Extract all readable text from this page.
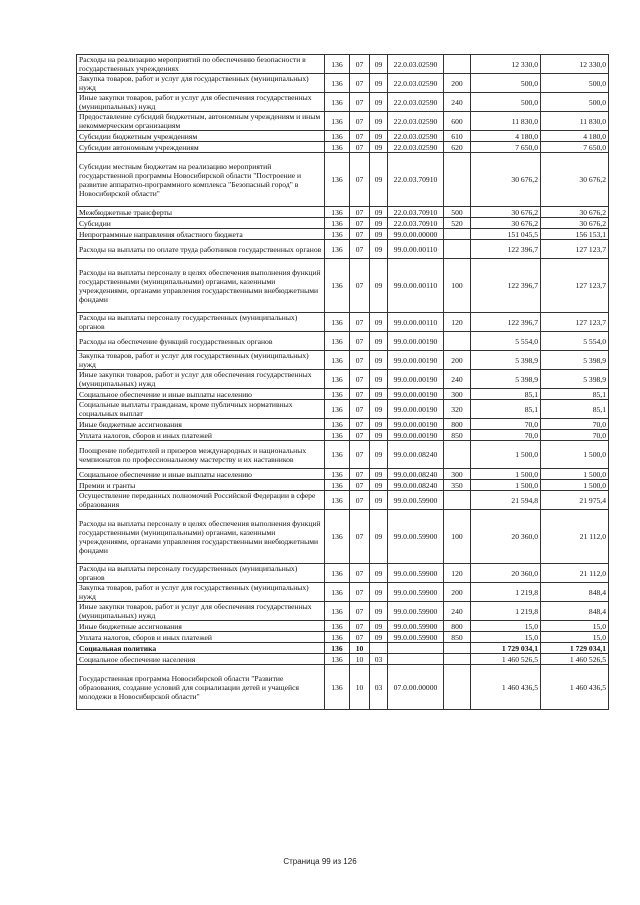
Расходы на реализацию мероприятий по обеспечению безопасности в государственных учреждениях	136	07	09	22.0.03.02590		12 330,0	12 330,0
Закупка товаров, работ и услуг для государственных (муниципальных) нужд	136	07	09	22.0.03.02590	200	500,0	500,0
Иные закупки товаров, работ и услуг для обеспечения государственных (муниципальных) нужд	136	07	09	22.0.03.02590	240	500,0	500,0
Предоставление субсидий бюджетным, автономным учреждениям и иным некоммерческим организациям	136	07	09	22.0.03.02590	600	11 830,0	11 830,0
Субсидии бюджетным учреждениям	136	07	09	22.0.03.02590	610	4 180,0	4 180,0
Субсидии автономным учреждениям	136	07	09	22.0.03.02590	620	7 650,0	7 650,0
Субсидии местным бюджетам на реализацию мероприятий государственной программы Новосибирской области "Построение и развитие аппаратно-программного комплекса "Безопасный город" в Новосибирской области"	136	07	09	22.0.03.70910		30 676,2	30 676,2
Межбюджетные трансферты	136	07	09	22.0.03.70910	500	30 676,2	30 676,2
Субсидии	136	07	09	22.0.03.70910	520	30 676,2	30 676,2
Непрограммные направления областного бюджета	136	07	09	99.0.00.00000		151 045,5	156 153,1
Расходы на выплаты по оплате труда работников государственных органов	136	07	09	99.0.00.00110		122 396,7	127 123,7
Расходы на выплаты персоналу в целях обеспечения выполнения функций государственными (муниципальными) органами, казенными учреждениями, органами управления государственными внебюджетными фондами	136	07	09	99.0.00.00110	100	122 396,7	127 123,7
Расходы на выплаты персоналу государственных (муниципальных) органов	136	07	09	99.0.00.00110	120	122 396,7	127 123,7
Расходы на обеспечение функций государственных органов	136	07	09	99.0.00.00190		5 554,0	5 554,0
Закупка товаров, работ и услуг для государственных (муниципальных) нужд	136	07	09	99.0.00.00190	200	5 398,9	5 398,9
Иные закупки товаров, работ и услуг для обеспечения государственных (муниципальных) нужд	136	07	09	99.0.00.00190	240	5 398,9	5 398,9
Социальное обеспечение и иные выплаты населению	136	07	09	99.0.00.00190	300	85,1	85,1
Социальные выплаты гражданам, кроме публичных нормативных социальных выплат	136	07	09	99.0.00.00190	320	85,1	85,1
Иные бюджетные ассигнования	136	07	09	99.0.00.00190	800	70,0	70,0
Уплата налогов, сборов и иных платежей	136	07	09	99.0.00.00190	850	70,0	70,0
Поощрение победителей и призеров международных и национальных чемпионатов по профессиональному мастерству и их наставников	136	07	09	99.0.00.08240		1 500,0	1 500,0
Социальное обеспечение и иные выплаты населению	136	07	09	99.0.00.08240	300	1 500,0	1 500,0
Премии и гранты	136	07	09	99.0.00.08240	350	1 500,0	1 500,0
Осуществление переданных полномочий Российской Федерации в сфере образования	136	07	09	99.0.00.59900		21 594,8	21 975,4
Расходы на выплаты персоналу в целях обеспечения выполнения функций государственными (муниципальными) органами, казенными учреждениями, органами управления государственными внебюджетными фондами	136	07	09	99.0.00.59900	100	20 360,0	21 112,0
Расходы на выплаты персоналу государственных (муниципальных) органов	136	07	09	99.0.00.59900	120	20 360,0	21 112,0
Закупка товаров, работ и услуг для государственных (муниципальных) нужд	136	07	09	99.0.00.59900	200	1 219,8	848,4
Иные закупки товаров, работ и услуг для обеспечения государственных (муниципальных) нужд	136	07	09	99.0.00.59900	240	1 219,8	848,4
Иные бюджетные ассигнования	136	07	09	99.0.00.59900	800	15,0	15,0
Уплата налогов, сборов и иных платежей	136	07	09	99.0.00.59900	850	15,0	15,0
Социальная политика	136	10				1 729 034,1	1 729 034,1
Социальное обеспечение населения	136	10	03			1 460 526,5	1 460 526,5
Государственная программа Новосибирской области "Развитие образования, создание условий для социализации детей и учащейся молодежи в Новосибирской области"	136	10	03	07.0.00.00000		1 460 436,5	1 460 436,5
Страница 99 из 126
